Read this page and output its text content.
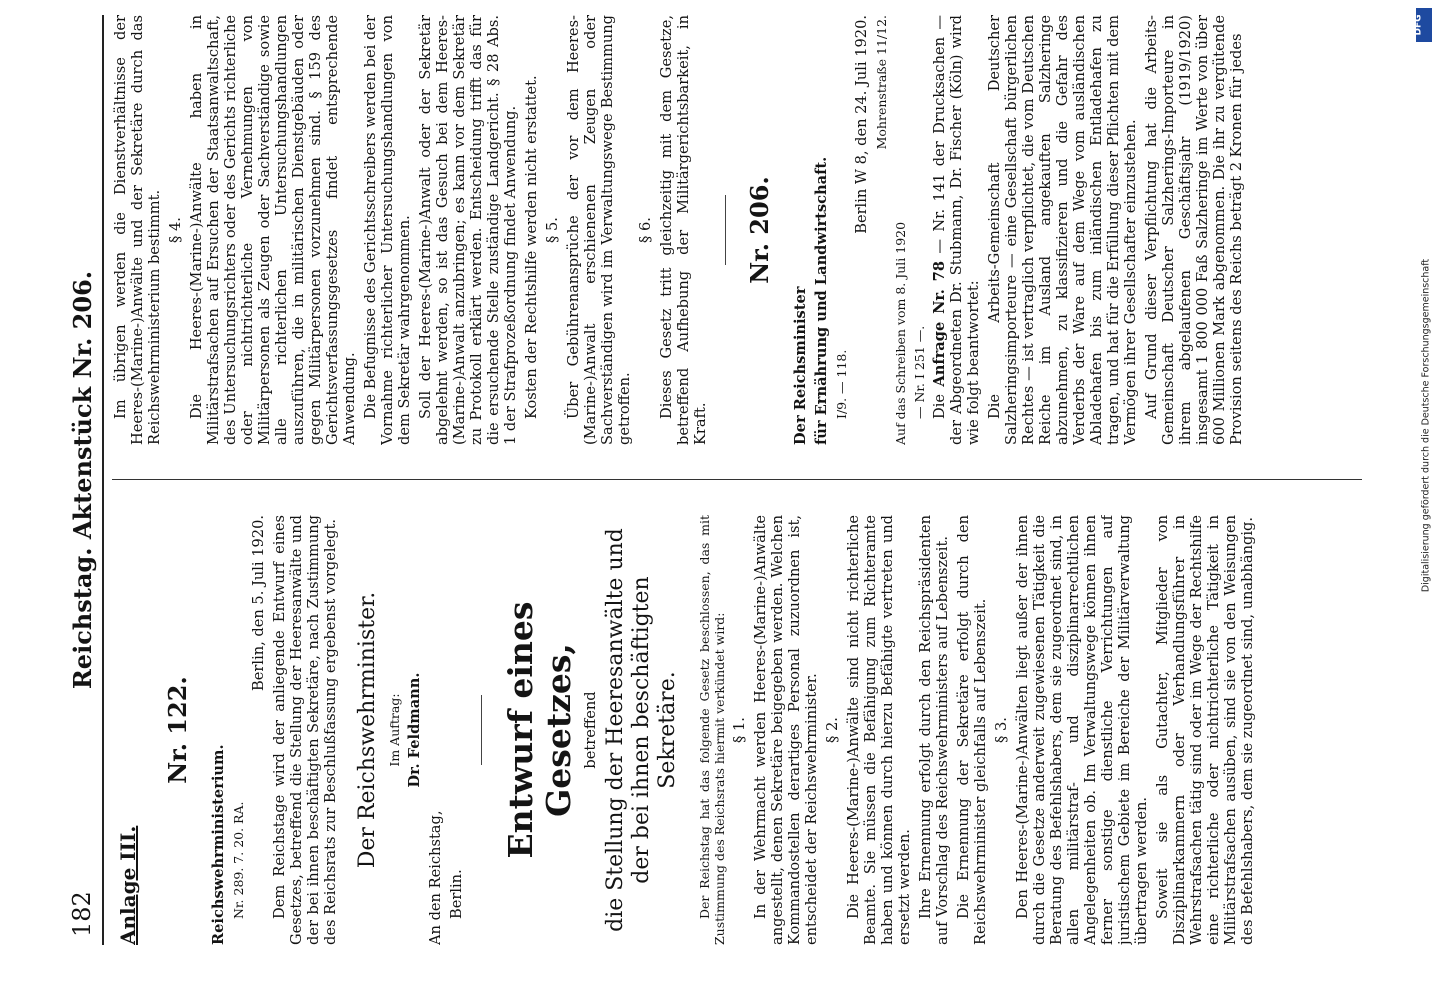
182
Reichstag. Aktenstück Nr. 206.
Anlage III.

Nr. 122.

Reichswehrministerium. Nr. 289. 7. 20. RA.

Berlin, den 5. Juli 1920. Dem Reichstage wird der anliegende Entwurf eines Gesetzes, betreffend die Stellung der Heeresanwälte und der bei ihnen beschäftigten Sekretäre, nach Zustimmung des Reichsrats zur Beschlußfassung ergebenst vorgelegt. Der Reichswehrminister. Im Auftrag: Dr. Feldmann.

An den Reichstag, Berlin.

Entwurf eines Gesetzes, betreffend die Stellung der Heeresanwälte und der bei ihnen beschäftigten Sekretäre. Der Reichstag hat das folgende Gesetz beschlossen, das mit Zustimmung des Reichsrats hiermit verkündet wird: § 1. In der Wehrmacht werden Heeres-(Marine-)Anwälte angestellt, denen Sekretäre beigegeben werden. Welchen Kommandostellen derartiges Personal zuzuordnen ist, entscheidet der Reichswehrminister. § 2. Die Heeres-(Marine-)Anwälte sind nicht richterliche Beamte. Sie müssen die Befähigung zum Richteramte haben und können durch hierzu Befähigte vertreten und ersetzt werden. Ihre Ernennung erfolgt durch den Reichspräsidenten auf Vorschlag des Reichswehrministers auf Lebenszeit. Die Ernennung der Sekretäre erfolgt durch den Reichswehrminister gleichfalls auf Lebenszeit. § 3. Den Heeres-(Marine-)Anwälten liegt außer der ihnen durch die Gesetze anderweit zugewiesenen Tätigkeit die Beratung des Befehlshabers, dem sie zugeordnet sind, in allen militärstraf- und disziplinarrechtlichen Angelegenheiten ob. Im Verwaltungswege können ihnen ferner sonstige dienstliche Verrichtungen auf juristischem Gebiete im Bereiche der Militärverwaltung übertragen werden. Soweit sie als Gutachter, Mitglieder von Disziplinarkammern oder Verhandlungsführer in Wehrstrafsachen tätig sind oder im Wege der Rechtshilfe eine richterliche oder nichtrichterliche Tätigkeit in Militärstrafsachen ausüben, sind sie von den Weisungen des Befehlshabers, dem sie zugeordnet sind, unabhängig.

Im übrigen werden die Dienstverhältnisse der Heeres-(Marine-)Anwälte und der Sekretäre durch das Reichswehrministerium bestimmt. § 4. Die Heeres-(Marine-)Anwälte haben in Militärstrafsachen auf Ersuchen der Staatsanwaltschaft, des Untersuchungsrichters oder des Gerichts richterliche oder nichtrichterliche Vernehmungen von Militärpersonen als Zeugen oder Sachverständige sowie alle richterlichen Untersuchungshandlungen auszuführen, die in militärischen Dienstgebäuden oder gegen Militärpersonen vorzunehmen sind. § 159 des Gerichtsverfassungsgesetzes findet entsprechende Anwendung. Die Befugnisse des Gerichtsschreibers werden bei der Vornahme richterlicher Untersuchungshandlungen von dem Sekretär wahrgenommen. Soll der Heeres-(Marine-)Anwalt oder der Sekretär abgelehnt werden, so ist das Gesuch bei dem Heeres-(Marine-)Anwalt anzubringen; es kann vor dem Sekretär zu Protokoll erklärt werden. Entscheidung trifft das für die ersuchende Stelle zuständige Landgericht. § 28 Abs. 1 der Strafprozeßordnung findet Anwendung. Kosten der Rechtshilfe werden nicht erstattet. § 5. Über Gebührenansprüche der vor dem Heeres-(Marine-)Anwalt erschienenen Zeugen oder Sachverständigen wird im Verwaltungswege Bestimmung getroffen.

§ 6. Dieses Gesetz tritt gleichzeitig mit dem Gesetze, betreffend Aufhebung der Militärgerichtsbarkeit, in Kraft.

Nr. 206.

Der Reichsminister für Ernährung und Landwirtschaft. I/9. — 118.

Berlin W 8, den 24. Juli 1920. Mohrenstraße 11/12.

Auf das Schreiben vom 8. Juli 1920 — Nr. I 251 —. Die Anfrage Nr. 78 — Nr. 141 der Drucksachen — der Abgeordneten Dr. Stubmann, Dr. Fischer (Köln) wird wie folgt beantwortet: Die Arbeits-Gemeinschaft Deutscher Salzheringsimporteure — eine Gesellschaft bürgerlichen Rechtes — ist vertraglich verpflichtet, die vom Deutschen Reiche im Ausland angekauften Salzheringe abzunehmen, zu klassifizieren und die Gefahr des Verderbs der Ware auf dem Wege vom ausländischen Abladehafen bis zum inländischen Entladehafen zu tragen, und hat für die Erfüllung dieser Pflichten mit dem Vermögen ihrer Gesellschafter einzustehen. Auf Grund dieser Verpflichtung hat die Arbeits-Gemeinschaft Deutscher Salzherings-Importeure in ihrem abgelaufenen Geschäftsjahr (1919/1920) insgesamt 1 800 000 Faß Salzheringe im Werte von über 600 Millionen Mark abgenommen. Die ihr zu vergütende Provision seitens des Reichs beträgt 2 Kronen für jedes

DFG
Digitalisierung gefördert durch die Deutsche Forschungsgemeinschaft
